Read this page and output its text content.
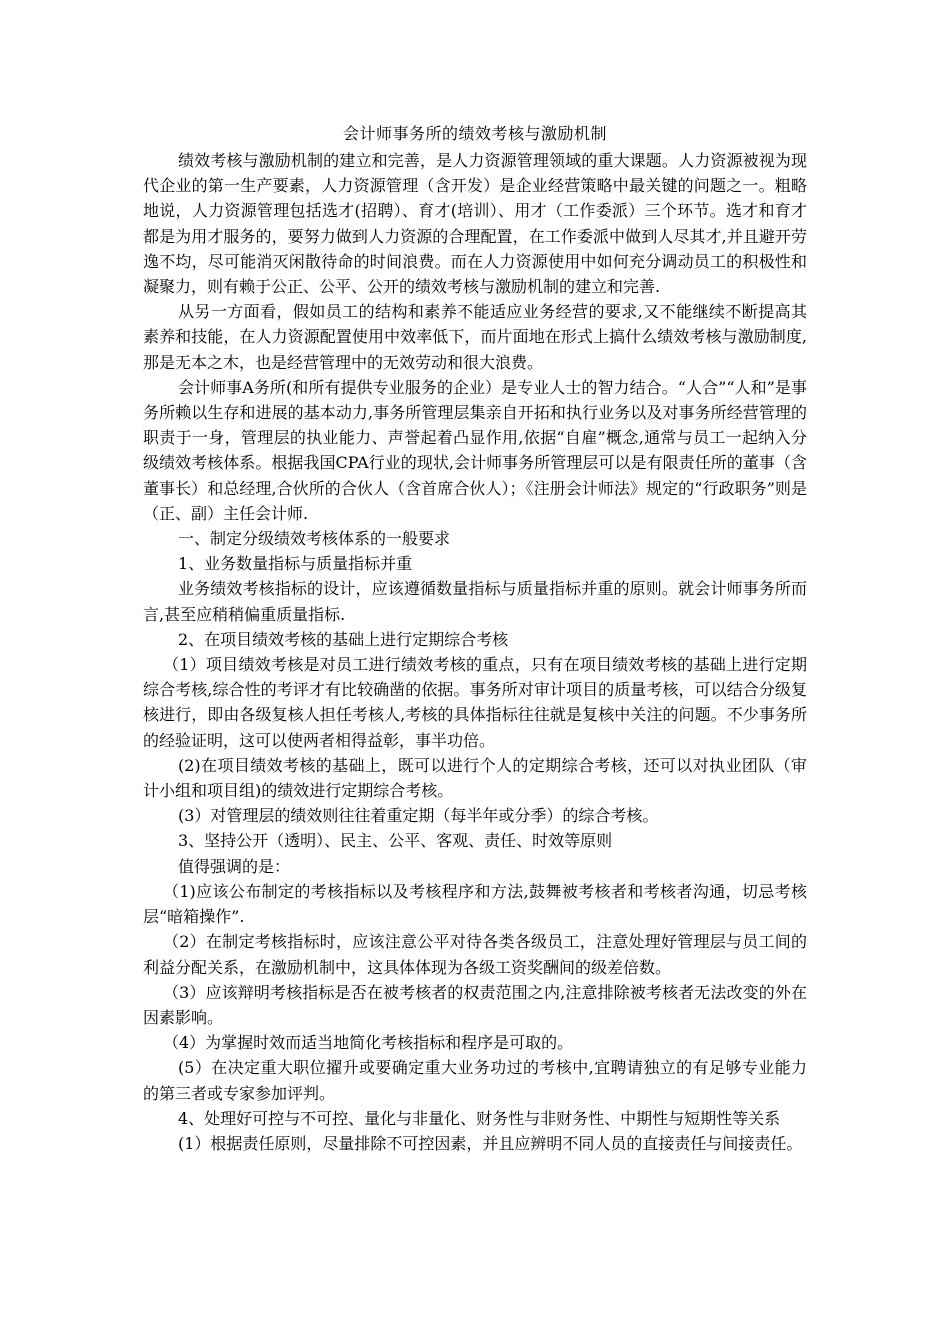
会计师事务所的绩效考核与激励机制

绩效考核与激励机制的建立和完善，是人力资源管理领域的重大课题。人力资源被视为现代企业的第一生产要素，人力资源管理（含开发）是企业经营策略中最关键的问题之一。粗略地说，人力资源管理包括选才(招聘）、育才(培训）、用才（工作委派）三个环节。选才和育才都是为用才服务的，要努力做到人力资源的合理配置，在工作委派中做到人尽其才,并且避开劳逸不均，尽可能消灭闲散待命的时间浪费。而在人力资源使用中如何充分调动员工的积极性和凝聚力，则有赖于公正、公平、公开的绩效考核与激励机制的建立和完善.

从另一方面看，假如员工的结构和素养不能适应业务经营的要求,又不能继续不断提高其素养和技能，在人力资源配置使用中效率低下，而片面地在形式上搞什么绩效考核与激励制度,那是无本之木，也是经营管理中的无效劳动和很大浪费。

会计师事A务所(和所有提供专业服务的企业）是专业人士的智力结合。“人合”“人和”是事务所赖以生存和进展的基本动力,事务所管理层集亲自开拓和执行业务以及对事务所经营管理的职责于一身，管理层的执业能力、声誉起着凸显作用,依据“自雇”概念,通常与员工一起纳入分级绩效考核体系。根据我国CPA行业的现状,会计师事务所管理层可以是有限责任所的董事（含董事长）和总经理,合伙所的合伙人（含首席合伙人）；《注册会计师法》规定的“行政职务”则是（正、副）主任会计师.

一、制定分级绩效考核体系的一般要求

1、业务数量指标与质量指标并重

业务绩效考核指标的设计，应该遵循数量指标与质量指标并重的原则。就会计师事务所而言,甚至应稍稍偏重质量指标.

2、在项目绩效考核的基础上进行定期综合考核

（1）项目绩效考核是对员工进行绩效考核的重点，只有在项目绩效考核的基础上进行定期综合考核,综合性的考评才有比较确凿的依据。事务所对审计项目的质量考核，可以结合分级复核进行，即由各级复核人担任考核人,考核的具体指标往往就是复核中关注的问题。不少事务所的经验证明，这可以使两者相得益彰，事半功倍。

(2)在项目绩效考核的基础上，既可以进行个人的定期综合考核，还可以对执业团队（审计小组和项目组)的绩效进行定期综合考核。

(3）对管理层的绩效则往往着重定期（每半年或分季）的综合考核。

3、坚持公开（透明）、民主、公平、客观、责任、时效等原则

值得强调的是：

（1)应该公布制定的考核指标以及考核程序和方法,鼓舞被考核者和考核者沟通，切忌考核层“暗箱操作”.

（2）在制定考核指标时，应该注意公平对待各类各级员工，注意处理好管理层与员工间的利益分配关系，在激励机制中，这具体体现为各级工资奖酬间的级差倍数。

（3）应该辩明考核指标是否在被考核者的权责范围之内,注意排除被考核者无法改变的外在因素影响。

（4）为掌握时效而适当地简化考核指标和程序是可取的。

(5）在决定重大职位擢升或要确定重大业务功过的考核中,宜聘请独立的有足够专业能力的第三者或专家参加评判。

4、处理好可控与不可控、量化与非量化、财务性与非财务性、中期性与短期性等关系

(1）根据责任原则，尽量排除不可控因素，并且应辨明不同人员的直接责任与间接责任。
